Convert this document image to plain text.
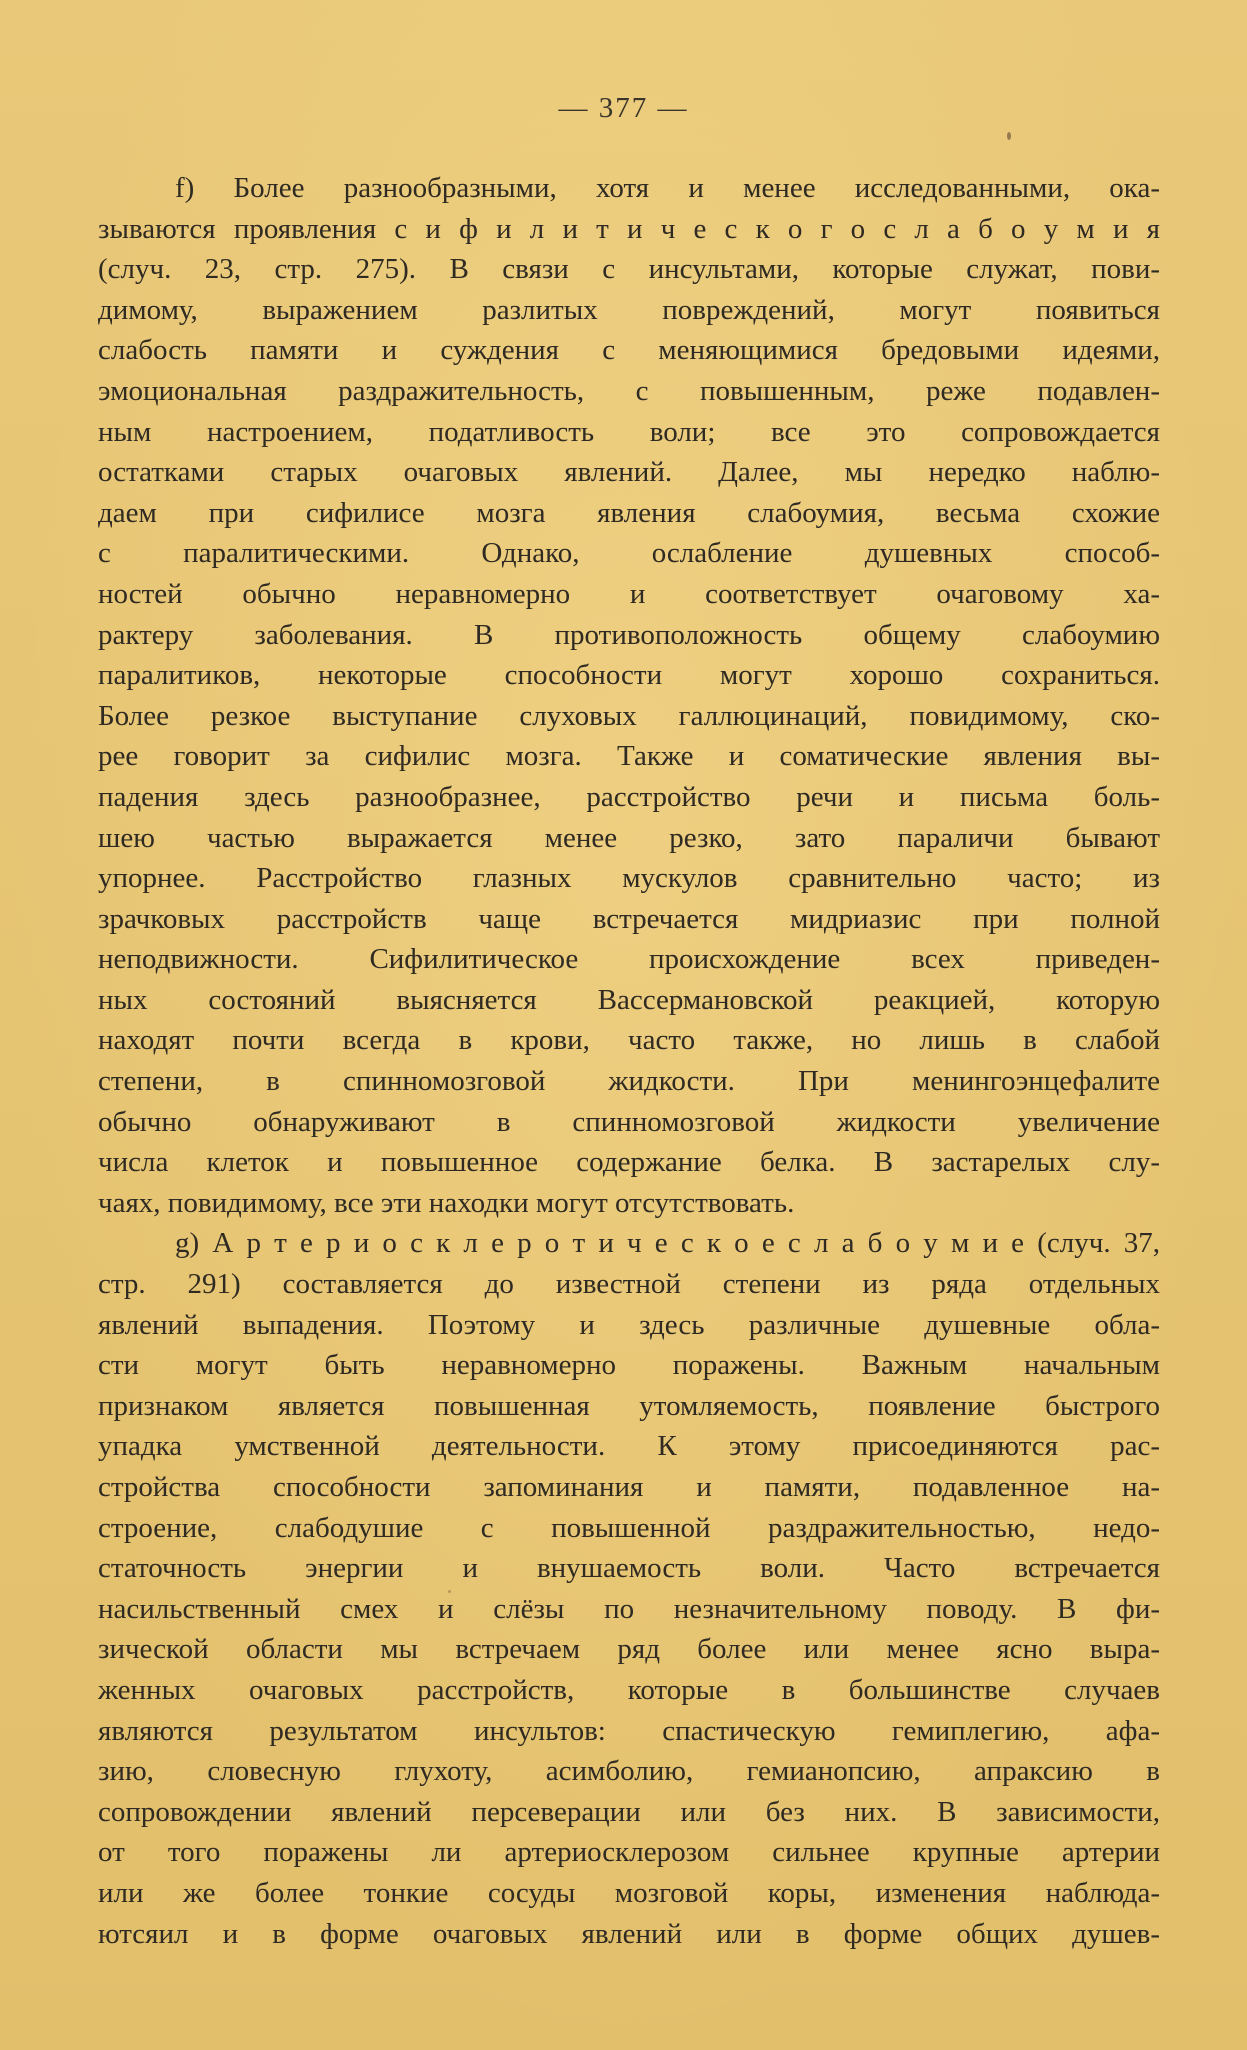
— 377 —
f) Более разнообразными, хотя и менее исследованными, ока-
зываются проявления с и ф и л и т и ч е с к о г о с л а б о у м и я
(случ. 23, стр. 275). В связи с инсультами, которые служат, пови-
димому, выражением разлитых повреждений, могут появиться
слабость памяти и суждения с меняющимися бредовыми идеями,
эмоциональная раздражительность, с повышенным, реже подавлен-
ным настроением, податливость воли; все это сопровождается
остатками старых очаговых явлений. Далее, мы нередко наблю-
даем при сифилисе мозга явления слабоумия, весьма схожие
с паралитическими. Однако, ослабление душевных способ-
ностей обычно неравномерно и соответствует очаговому ха-
рактеру заболевания. В противоположность общему слабоумию
паралитиков, некоторые способности могут хорошо сохраниться.
Более резкое выступание слуховых галлюцинаций, повидимому, ско-
рее говорит за сифилис мозга. Также и соматические явления вы-
падения здесь разнообразнее, расстройство речи и письма боль-
шею частью выражается менее резко, зато параличи бывают
упорнее. Расстройство глазных мускулов сравнительно часто; из
зрачковых расстройств чаще встречается мидриазис при полной
неподвижности. Сифилитическое происхождение всех приведен-
ных состояний выясняется Вассермановской реакцией, которую
находят почти всегда в крови, часто также, но лишь в слабой
степени, в спинномозговой жидкости. При менингоэнцефалите
обычно обнаруживают в спинномозговой жидкости увеличение
числа клеток и повышенное содержание белка. В застарелых слу-
чаях, повидимому, все эти находки могут отсутствовать.
g) А р т е р и о с к л е р о т и ч е с к о е с л а б о у м и е (случ. 37,
стр. 291) составляется до известной степени из ряда отдельных
явлений выпадения. Поэтому и здесь различные душевные обла-
сти могут быть неравномерно поражены. Важным начальным
признаком является повышенная утомляемость, появление быстрого
упадка умственной деятельности. К этому присоединяются рас-
стройства способности запоминания и памяти, подавленное на-
строение, слабодушие с повышенной раздражительностью, недо-
статочность энергии и внушаемость воли. Часто встречается
насильственный смех и слёзы по незначительному поводу. В фи-
зической области мы встречаем ряд более или менее ясно выра-
женных очаговых расстройств, которые в большинстве случаев
являются результатом инсультов: спастическую гемиплегию, афа-
зию, словесную глухоту, асимболию, гемианопсию, апраксию в
сопровождении явлений персеверации или без них. В зависимости,
от того поражены ли артериосклерозом сильнее крупные артерии
или же более тонкие сосуды мозговой коры, изменения наблюда-
ютсяил и в форме очаговых явлений или в форме общих душев-
